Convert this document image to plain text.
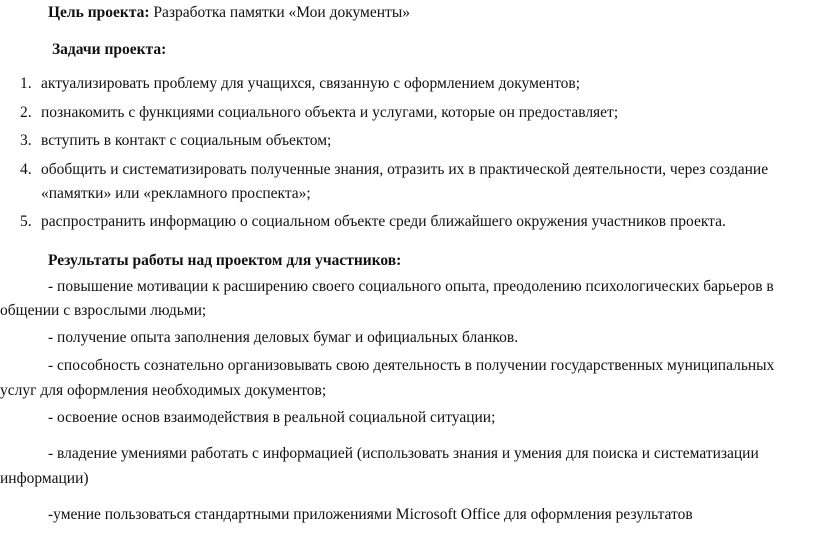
Цель проекта: Разработка памятки «Мои документы»
Задачи проекта:
1. актуализировать проблему для учащихся, связанную с оформлением документов;
2. познакомить с функциями социального объекта и услугами, которые он предоставляет;
3. вступить в контакт с социальным объектом;
4. обобщить и систематизировать полученные знания, отразить их в практической деятельности, через создание
«памятки» или «рекламного проспекта»;
5. распространить информацию о социальном объекте среди ближайшего окружения участников проекта.
Результаты работы над проектом для участников:
- повышение мотивации к расширению своего социального опыта, преодолению психологических барьеров в
общении с взрослыми людьми;
- получение опыта заполнения деловых бумаг и официальных бланков.
- способность сознательно организовывать свою деятельность в получении государственных муниципальных
услуг для оформления необходимых документов;
- освоение основ взаимодействия в реальной социальной ситуации;
- владение умениями работать с информацией (использовать знания и умения для поиска и систематизации
информации)
-умение пользоваться стандартными приложениями Microsoft Office для оформления результатов
